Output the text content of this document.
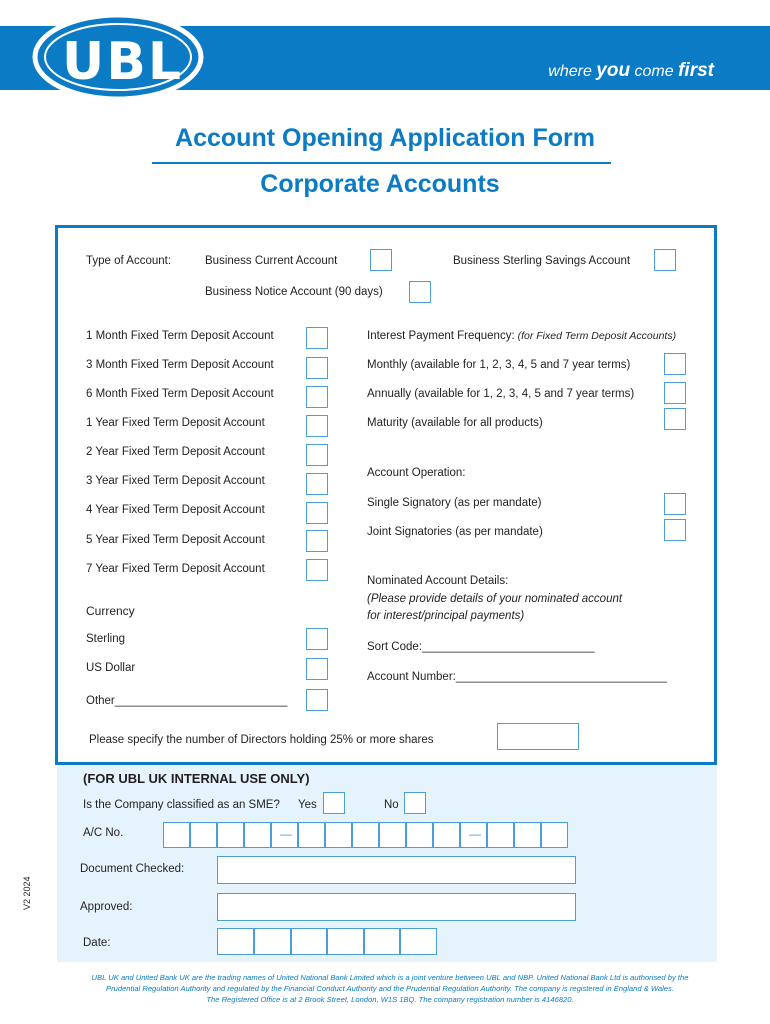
UBL	where you come first
Account Opening Application Form
Corporate Accounts
Type of Account:	Business Current Account	Business Sterling Savings Account
Business Notice Account (90 days)
1 Month Fixed Term Deposit Account
3 Month Fixed Term Deposit Account
6 Month Fixed Term Deposit Account
1 Year Fixed Term Deposit Account
2 Year Fixed Term Deposit Account
3 Year Fixed Term Deposit Account
4 Year Fixed Term Deposit Account
5 Year Fixed Term Deposit Account
7 Year Fixed Term Deposit Account
Currency
Sterling
US Dollar
Other___________________________
Interest Payment Frequency: (for Fixed Term Deposit Accounts)
Monthly (available for 1, 2, 3, 4, 5 and 7 year terms)
Annually (available for 1, 2, 3, 4, 5 and 7 year terms)
Maturity (available for all products)
Account Operation:
Single Signatory (as per mandate)
Joint Signatories (as per mandate)
Nominated Account Details:
(Please provide details of your nominated account
for interest/principal payments)
Sort Code:___________________________
Account Number:_________________________________
Please specify the number of Directors holding 25% or more shares
(FOR UBL UK INTERNAL USE ONLY)
Is the Company classified as an SME? Yes	No
A/C No.	—	—
Document Checked:
Approved:
Date:
V2 2024
UBL UK and United Bank UK are the trading names of United National Bank Limited which is a joint venture between UBL and NBP. United National Bank Ltd is authorised by the
Prudential Regulation Authority and regulated by the Financial Conduct Authority and the Prudential Regulation Authority. The company is registered in England & Wales.
The Registered Office is at 2 Brook Street, London, W1S 1BQ. The company registration number is 4146820.
